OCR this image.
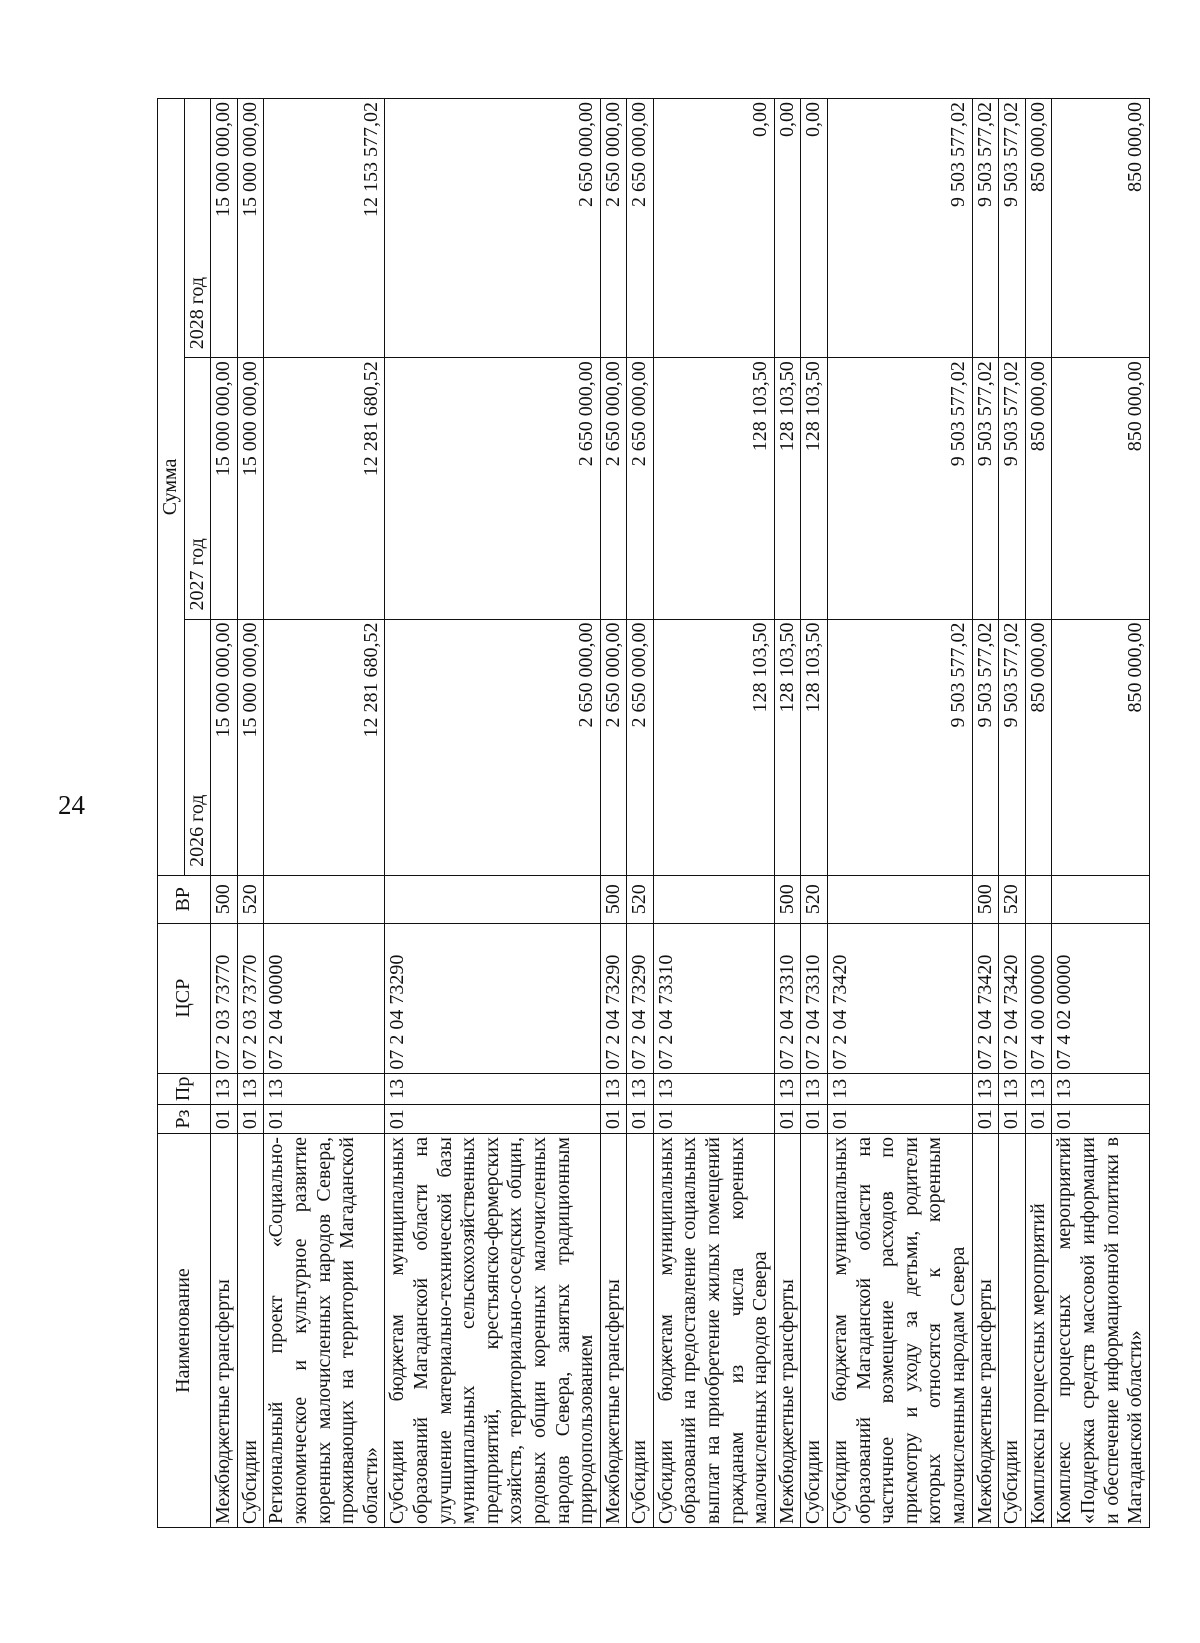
24
Наименование	Рз	Пр	ЦСР	ВР	Сумма		
					2026 год	2027 год	2028 год
Межбюджетные трансферты	01	13	07 2 03 73770	500	15 000 000,00	15 000 000,00	15 000 000,00
Субсидии	01	13	07 2 03 73770	520	15 000 000,00	15 000 000,00	15 000 000,00
Региональный проект «Социально-экономическое и культурное развитие коренных малочисленных народов Севера, проживающих на территории Магаданской области»	01	13	07 2 04 00000		12 281 680,52	12 281 680,52	12 153 577,02
Субсидии бюджетам муниципальных образований Магаданской области на улучшение материально-технической базы муниципальных сельскохозяйственных предприятий, крестьянско-фермерских хозяйств, территориально-соседских общин, родовых общин коренных малочисленных народов Севера, занятых традиционным природопользованием	01	13	07 2 04 73290		2 650 000,00	2 650 000,00	2 650 000,00
Межбюджетные трансферты	01	13	07 2 04 73290	500	2 650 000,00	2 650 000,00	2 650 000,00
Субсидии	01	13	07 2 04 73290	520	2 650 000,00	2 650 000,00	2 650 000,00
Субсидии бюджетам муниципальных образований на предоставление социальных выплат на приобретение жилых помещений гражданам из числа коренных малочисленных народов Севера	01	13	07 2 04 73310		128 103,50	128 103,50	0,00
Межбюджетные трансферты	01	13	07 2 04 73310	500	128 103,50	128 103,50	0,00
Субсидии	01	13	07 2 04 73310	520	128 103,50	128 103,50	0,00
Субсидии бюджетам муниципальных образований Магаданской области на частичное возмещение расходов по присмотру и уходу за детьми, родители которых относятся к коренным малочисленным народам Севера	01	13	07 2 04 73420		9 503 577,02	9 503 577,02	9 503 577,02
Межбюджетные трансферты	01	13	07 2 04 73420	500	9 503 577,02	9 503 577,02	9 503 577,02
Субсидии	01	13	07 2 04 73420	520	9 503 577,02	9 503 577,02	9 503 577,02
Комплексы процессных мероприятий	01	13	07 4 00 00000		850 000,00	850 000,00	850 000,00
Комплекс процессных мероприятий «Поддержка средств массовой информации и обеспечение информационной политики в Магаданской области»	01	13	07 4 02 00000		850 000,00	850 000,00	850 000,00
